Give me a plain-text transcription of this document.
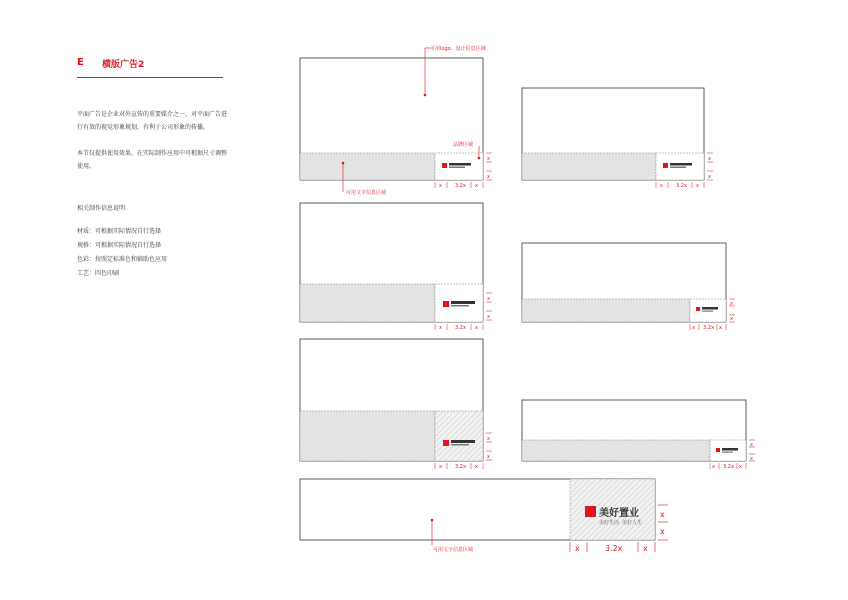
E 横版广告2
平面广告是企业对外宣传的重要媒介之一，对平面广告进行有效的视觉形象规划，有利于公司形象的传播。
本节仅提供使用效果，在实际制作应用中可根据尺寸调整使用。
相关制作信息说明
材质：可根据实际情况自行选择
规格：可根据实际情况自行选择
色彩：按照定标准色和辅助色应用
工艺：四色印刷
可用logo、设计信息区域
品牌区域
可用文字信息区域
x	3.2x x
x
x
x	3.2x x
x
x
x	3.2x x
x
x
x 3.2x x
x
x
x	3.2x x
x
x
x 3.2x x
x
x
美好置业
美好生活 美好人生
可用文字信息区域	x	3.2x	x
x
x
